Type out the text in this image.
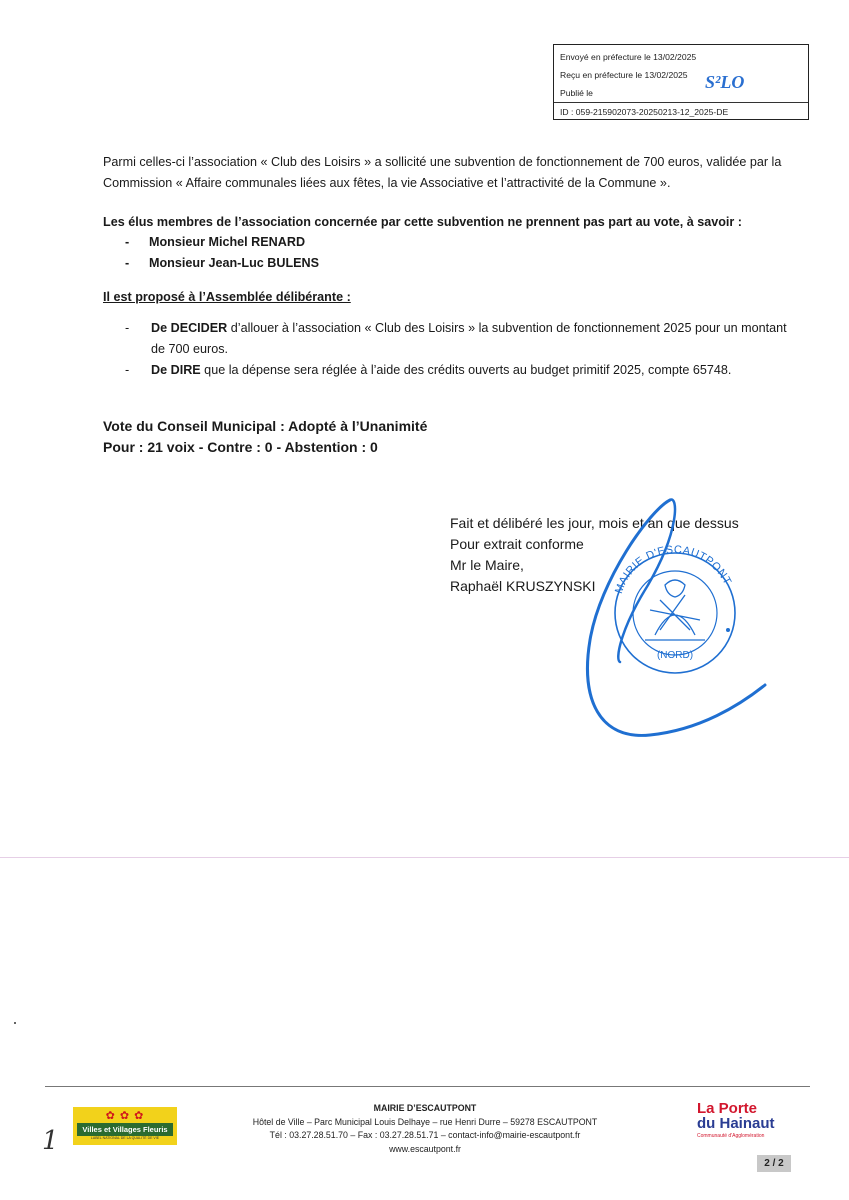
Envoyé en préfecture le 13/02/2025
Reçu en préfecture le 13/02/2025
Publié le
ID : 059-215902073-20250213-12_2025-DE
S²LO
Parmi celles-ci l’association « Club des Loisirs » a sollicité une subvention de fonctionnement de 700 euros, validée par la Commission « Affaire communales liées aux fêtes, la vie Associative et l’attractivité de la Commune ».
Les élus membres de l’association concernée par cette subvention ne prennent pas part au vote, à savoir :
- Monsieur Michel RENARD
- Monsieur Jean-Luc BULENS
Il est proposé à l’Assemblée délibérante :
- De DECIDER d’allouer à l’association « Club des Loisirs » la subvention de fonctionnement 2025 pour un montant de 700 euros.
- De DIRE que la dépense sera réglée à l’aide des crédits ouverts au budget primitif 2025, compte 65748.
Vote du Conseil Municipal : Adopté à l’Unanimité
Pour : 21 voix - Contre : 0 - Abstention : 0
Fait et délibéré les jour, mois et an que dessus
Pour extrait conforme
Mr le Maire,
Raphaël KRUSZYNSKI	MAIRIE D'ESCAUTPONT
(NORD)
✿ ✿ ✿
Villes et Villages Fleuris
LABEL NATIONAL DE LA QUALITÉ DE VIE
MAIRIE D’ESCAUTPONT
Hôtel de Ville – Parc Municipal Louis Delhaye – rue Henri Durre – 59278 ESCAUTPONT
Tél : 03.27.28.51.70 – Fax : 03.27.28.51.71 – contact-info@mairie-escautpont.fr
www.escautpont.fr
La Porte
du Hainaut
Communauté d'Agglomération
2 / 2
1
